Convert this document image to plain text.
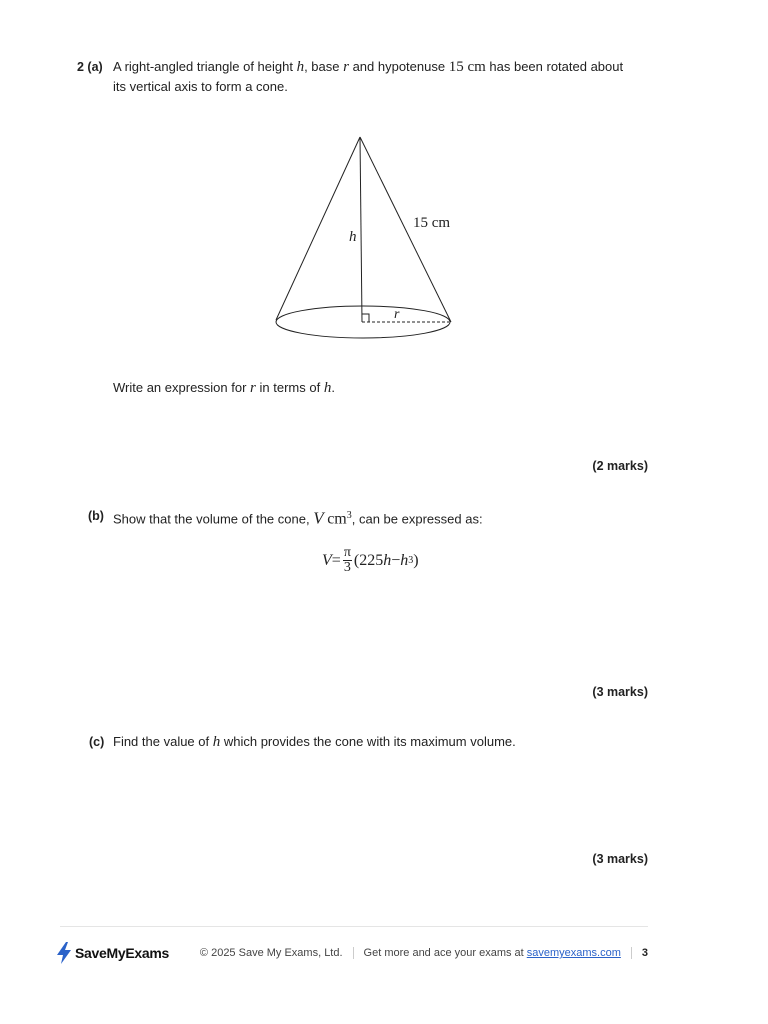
2 (a) A right-angled triangle of height h, base r and hypotenuse 15 cm has been rotated about
its vertical axis to form a cone.
h
15 cm
r
Write an expression for r in terms of h.
(2 marks)
(b) Show that the volume of the cone, V $cm^3$, can be expressed as:
$V = \frac{\pi}{3} (225$ h − h 3 )
(3 marks)
(c) Find the value of h which provides the cone with its maximum volume.
(3 marks)
SaveMyExams	© 2025 Save My Exams, Ltd. Get more and ace your exams at savemyexams.com 3
